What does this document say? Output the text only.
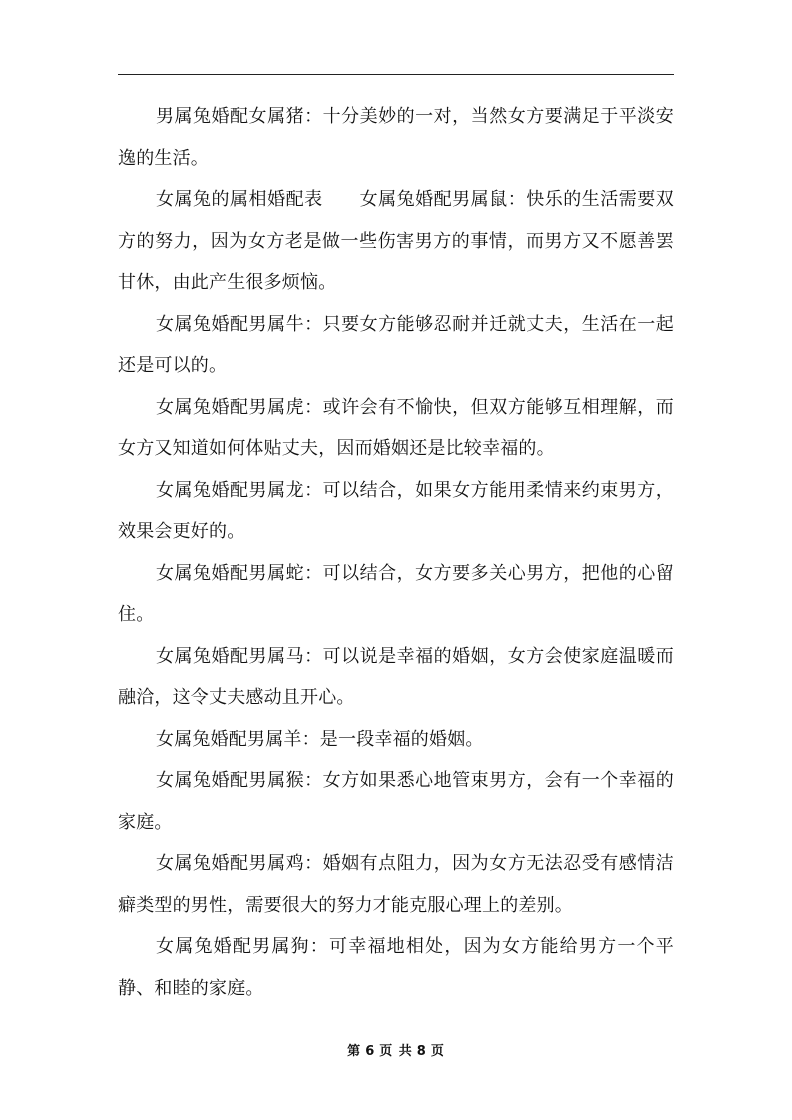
男属兔婚配女属猪：十分美妙的一对，当然女方要满足于平淡安逸的生活。

女属兔的属相婚配表　　女属兔婚配男属鼠：快乐的生活需要双方的努力，因为女方老是做一些伤害男方的事情，而男方又不愿善罢甘休，由此产生很多烦恼。

女属兔婚配男属牛：只要女方能够忍耐并迁就丈夫，生活在一起还是可以的。

女属兔婚配男属虎：或许会有不愉快，但双方能够互相理解，而女方又知道如何体贴丈夫，因而婚姻还是比较幸福的。

女属兔婚配男属龙：可以结合，如果女方能用柔情来约束男方，效果会更好的。

女属兔婚配男属蛇：可以结合，女方要多关心男方，把他的心留住。

女属兔婚配男属马：可以说是幸福的婚姻，女方会使家庭温暖而融洽，这令丈夫感动且开心。

女属兔婚配男属羊：是一段幸福的婚姻。

女属兔婚配男属猴：女方如果悉心地管束男方，会有一个幸福的家庭。

女属兔婚配男属鸡：婚姻有点阻力，因为女方无法忍受有感情洁癖类型的男性，需要很大的努力才能克服心理上的差别。

女属兔婚配男属狗：可幸福地相处，因为女方能给男方一个平静、和睦的家庭。

第 6 页 共 8 页
